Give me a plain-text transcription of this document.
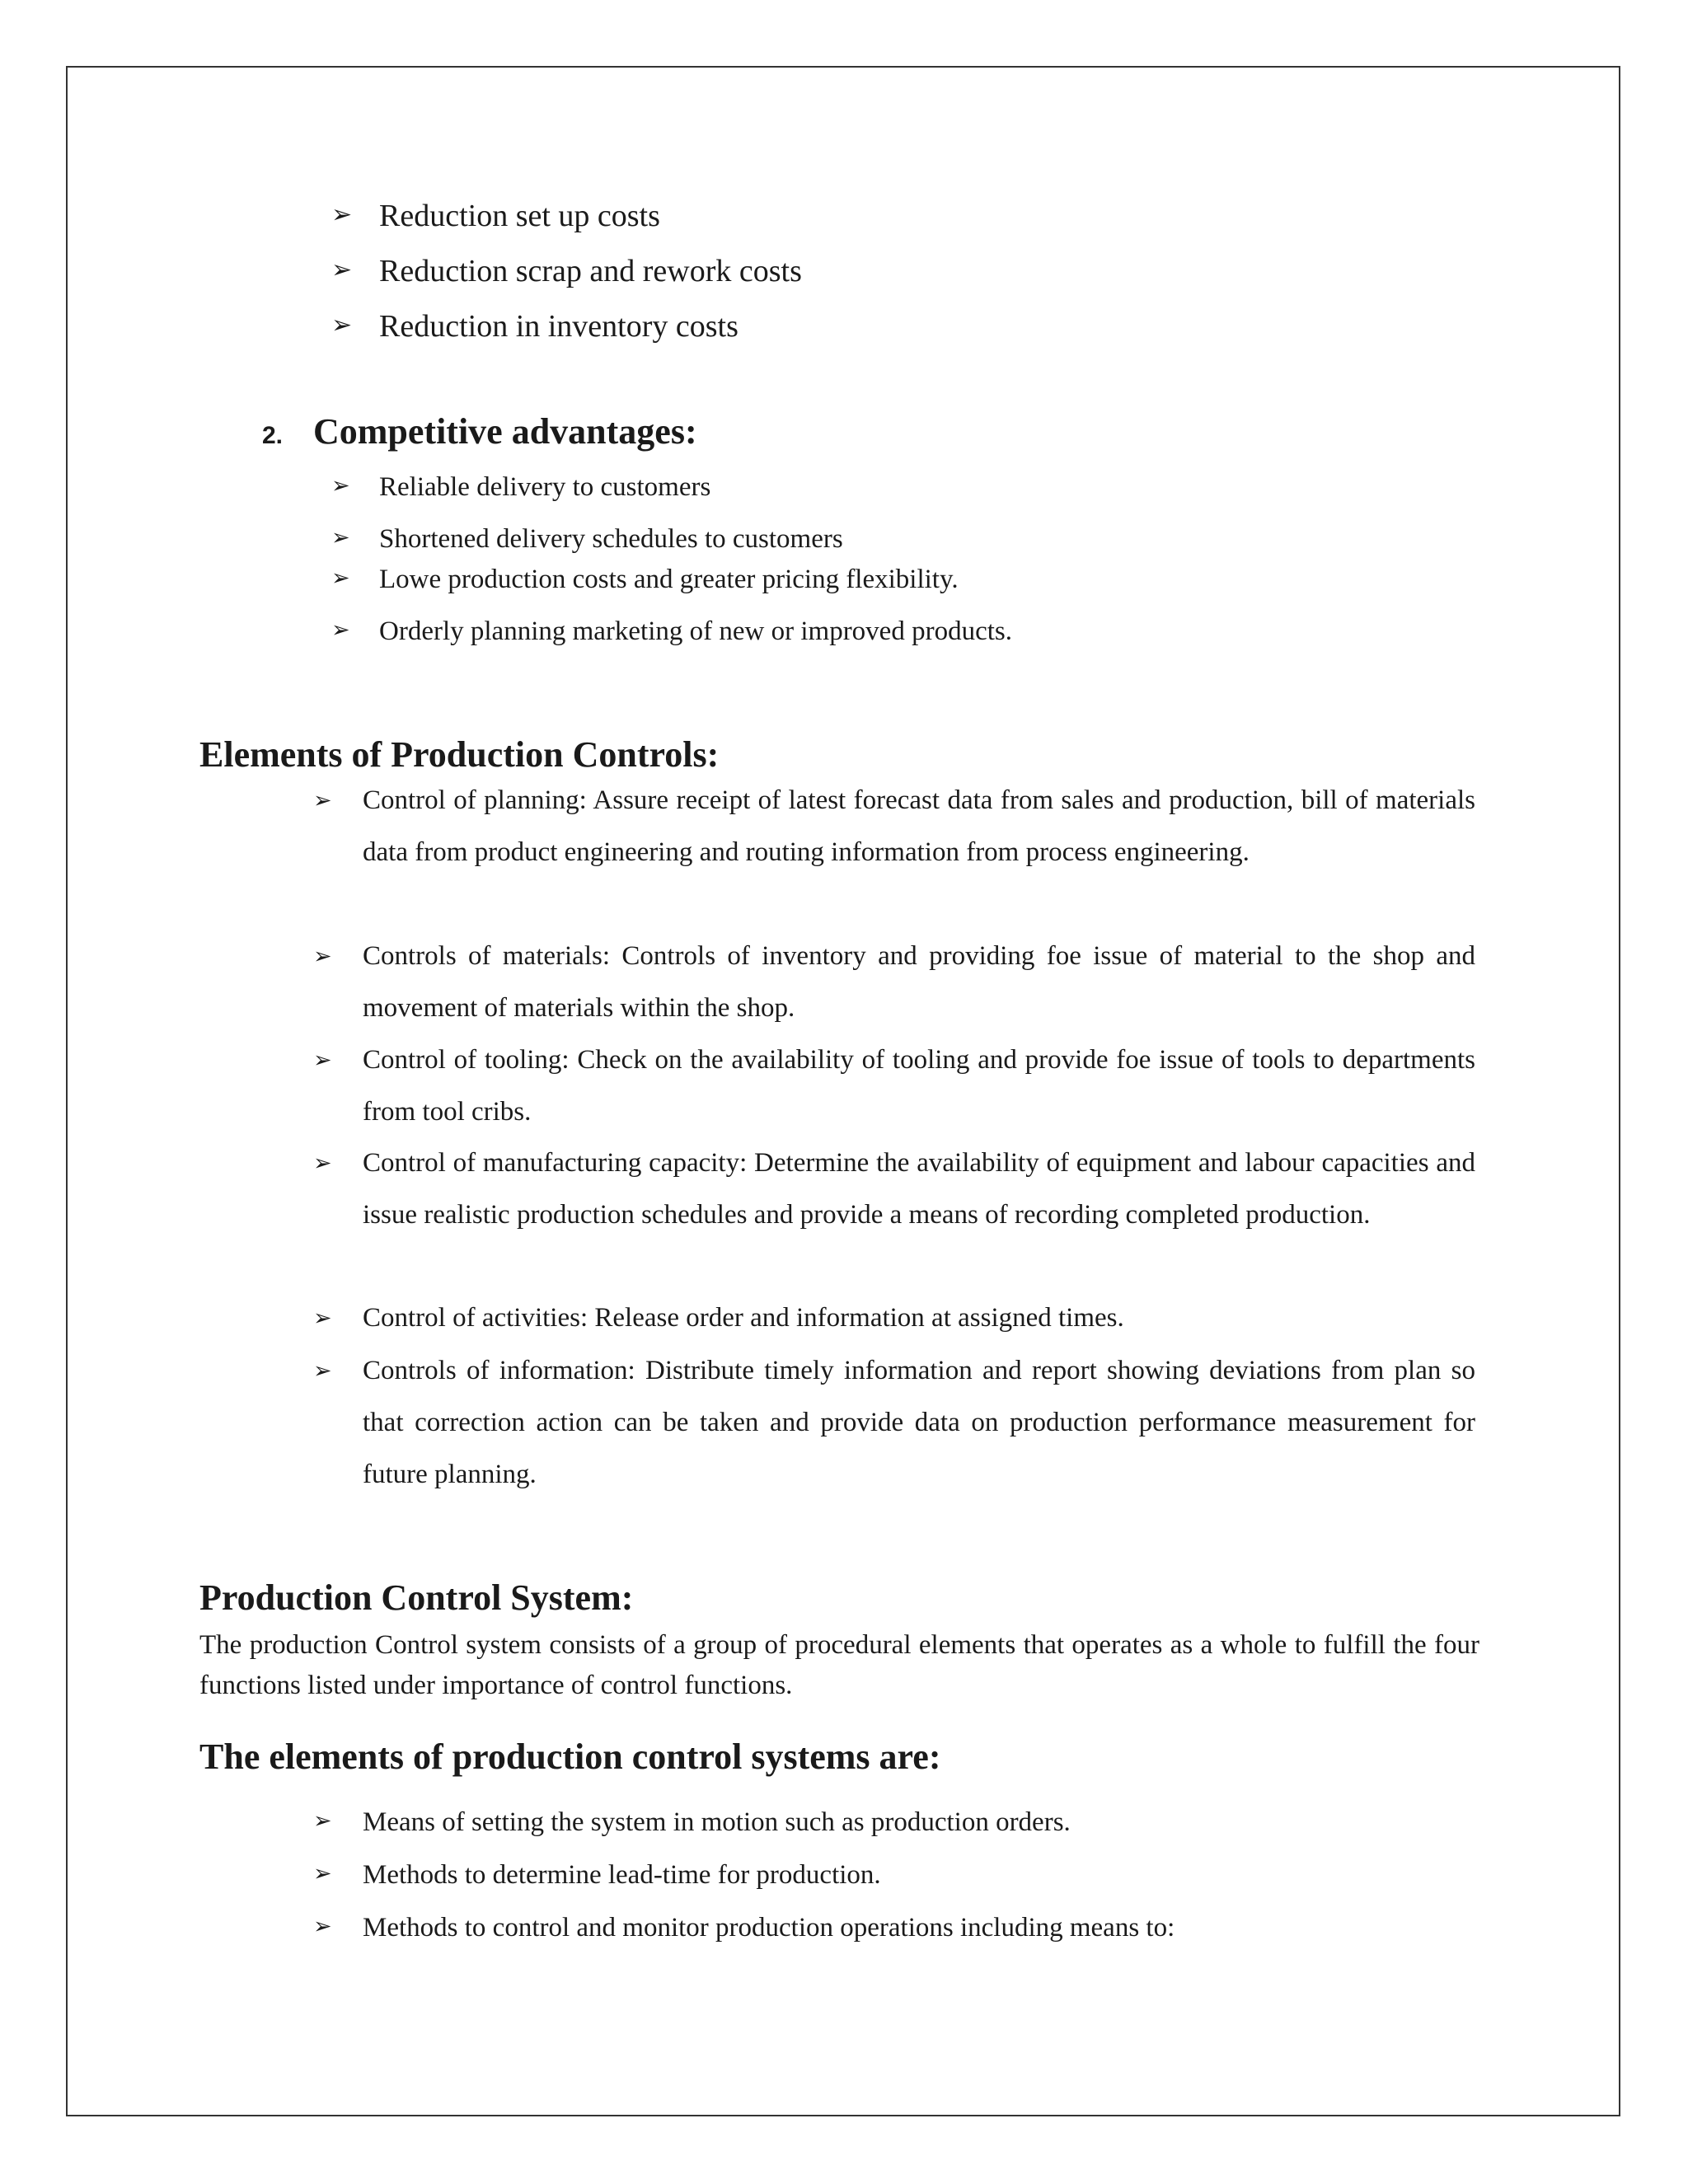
➢ Reduction set up costs
➢ Reduction scrap and rework costs
➢ Reduction in inventory costs
2. Competitive advantages:
➢	Reliable delivery to customers
➢	Shortened delivery schedules to customers
➢	Lowe production costs and greater pricing flexibility.
➢	Orderly planning marketing of new or improved products.
Elements of Production Controls:
➢	Control of planning: Assure receipt of latest forecast data from sales and production, bill of materials data from product engineering and routing information from process engineering.
➢	Controls of materials: Controls of inventory and providing foe issue of material to the shop and movement of materials within the shop.
➢	Control of tooling: Check on the availability of tooling and provide foe issue of tools to departments from tool cribs.
➢	Control of manufacturing capacity: Determine the availability of equipment and labour capacities and issue realistic production schedules and provide a means of recording completed production.
➢	Control of activities: Release order and information at assigned times.
➢	Controls of information: Distribute timely information and report showing deviations from plan so that correction action can be taken and provide data on production performance measurement for future planning.
Production Control System:
The production Control system consists of a group of procedural elements that operates as a whole to fulfill the four functions listed under importance of control functions.
The elements of production control systems are:
➢	Means of setting the system in motion such as production orders.
➢	Methods to determine lead-time for production.
➢	Methods to control and monitor production operations including means to:
